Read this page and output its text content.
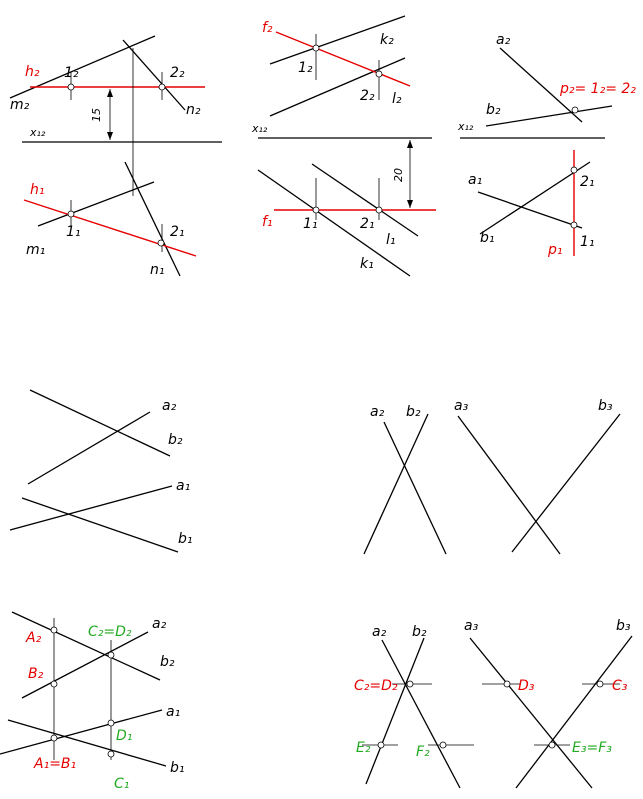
15
h₂ 1₂	2₂
m₂	n₂
x₁₂
h₁
1₁	2₁
m₁
n₁
20
f₂
k₂
1₂
2₂ l₂
x₁₂
f₁ 1₁	2₁
l₁
k₁
a₂
p₂= 1₂= 2₂
b₂
x₁₂
a₁	2₁
b₁	1₁
p₁
a₂
b₂
a₁
b₁
a₂ b₂ a₃	b₃
A₂	C₂=D₂ a₂
B₂
b₂
a₁
D₁
A₁=B₁	b₁
C₁
a₂ b₂	a₃	b₃
C₂=D₂	D₃	C₃
E₂	F₂	E₃=F₃
